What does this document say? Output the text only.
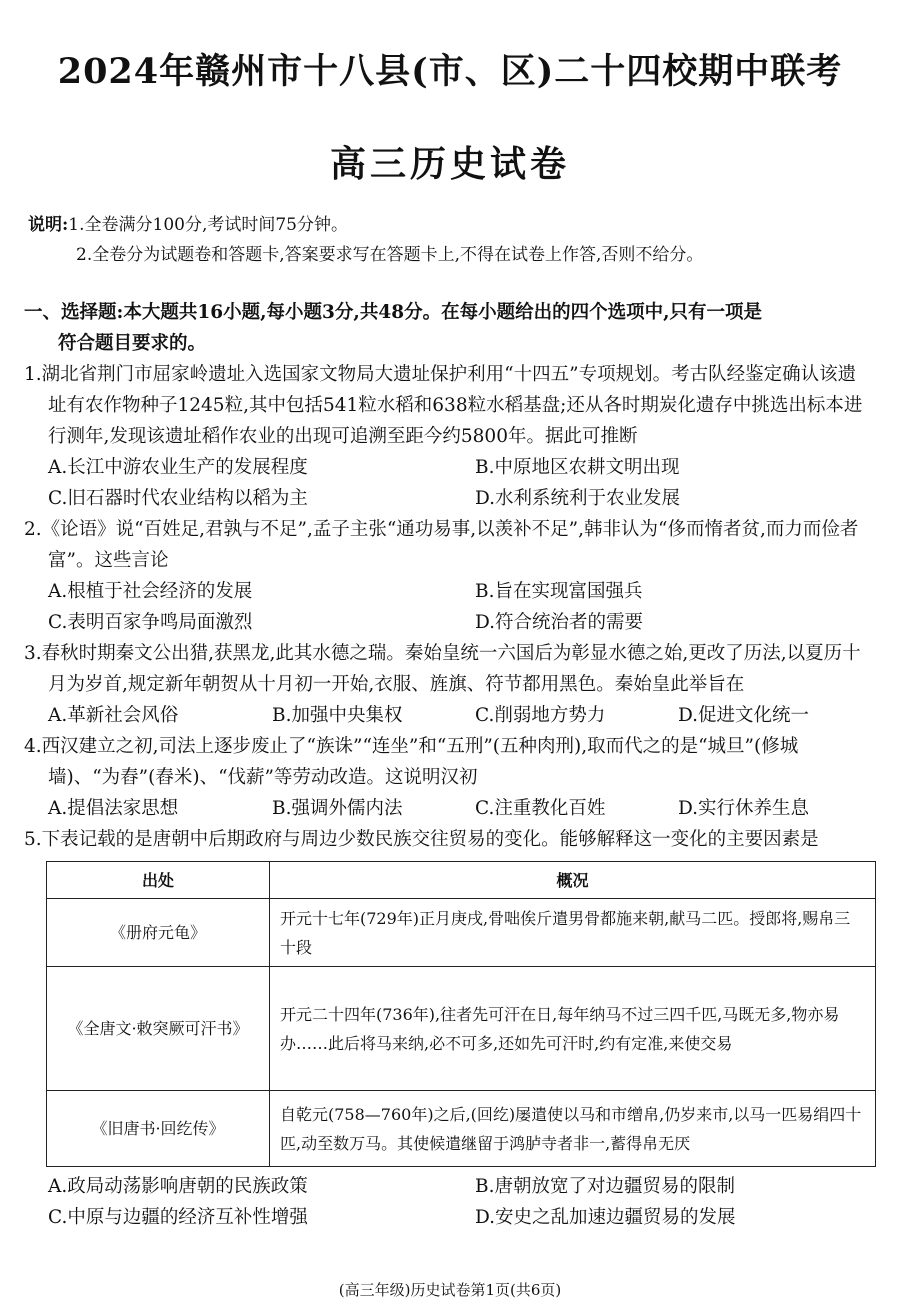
2024年赣州市十八县(市、区)二十四校期中联考
高三历史试卷
说明:1.全卷满分100分,考试时间75分钟。
2.全卷分为试题卷和答题卡,答案要求写在答题卡上,不得在试卷上作答,否则不给分。
一、选择题:本大题共16小题,每小题3分,共48分。在每小题给出的四个选项中,只有一项是
符合题目要求的。
1.湖北省荆门市屈家岭遗址入选国家文物局大遗址保护利用“十四五”专项规划。考古队经鉴定确认该遗址有农作物种子1245粒,其中包括541粒水稻和638粒水稻基盘;还从各时期炭化遗存中挑选出标本进行测年,发现该遗址稻作农业的出现可追溯至距今约5800年。据此可推断
A.长江中游农业生产的发展程度	B.中原地区农耕文明出现
C.旧石器时代农业结构以稻为主	D.水利系统利于农业发展
2.《论语》说“百姓足,君孰与不足”,孟子主张“通功易事,以羡补不足”,韩非认为“侈而惰者贫,而力而俭者富”。这些言论
A.根植于社会经济的发展	B.旨在实现富国强兵
C.表明百家争鸣局面激烈	D.符合统治者的需要
3.春秋时期秦文公出猎,获黑龙,此其水德之瑞。秦始皇统一六国后为彰显水德之始,更改了历法,以夏历十月为岁首,规定新年朝贺从十月初一开始,衣服、旌旗、符节都用黑色。秦始皇此举旨在
A.革新社会风俗	B.加强中央集权	C.削弱地方势力	D.促进文化统一
4.西汉建立之初,司法上逐步废止了“族诛”“连坐”和“五刑”(五种肉刑),取而代之的是“城旦”(修城墙)、“为舂”(舂米)、“伐薪”等劳动改造。这说明汉初
A.提倡法家思想	B.强调外儒内法	C.注重教化百姓	D.实行休养生息
5.下表记载的是唐朝中后期政府与周边少数民族交往贸易的变化。能够解释这一变化的主要因素是
出处	概况
《册府元龟》	开元十七年(729年)正月庚戌,骨咄俟斤遣男骨都施来朝,献马二匹。授郎将,赐帛三十段
《全唐文·敕突厥可汗书》	开元二十四年(736年),往者先可汗在日,每年纳马不过三四千匹,马既无多,物亦易办……此后将马来纳,必不可多,还如先可汗时,约有定准,来使交易
《旧唐书·回纥传》	自乾元(758—760年)之后,(回纥)屡遣使以马和市缯帛,仍岁来市,以马一匹易绢四十匹,动至数万马。其使候遣继留于鸿胪寺者非一,蓄得帛无厌
A.政局动荡影响唐朝的民族政策	B.唐朝放宽了对边疆贸易的限制
C.中原与边疆的经济互补性增强	D.安史之乱加速边疆贸易的发展
(高三年级)历史试卷第1页(共6页)
